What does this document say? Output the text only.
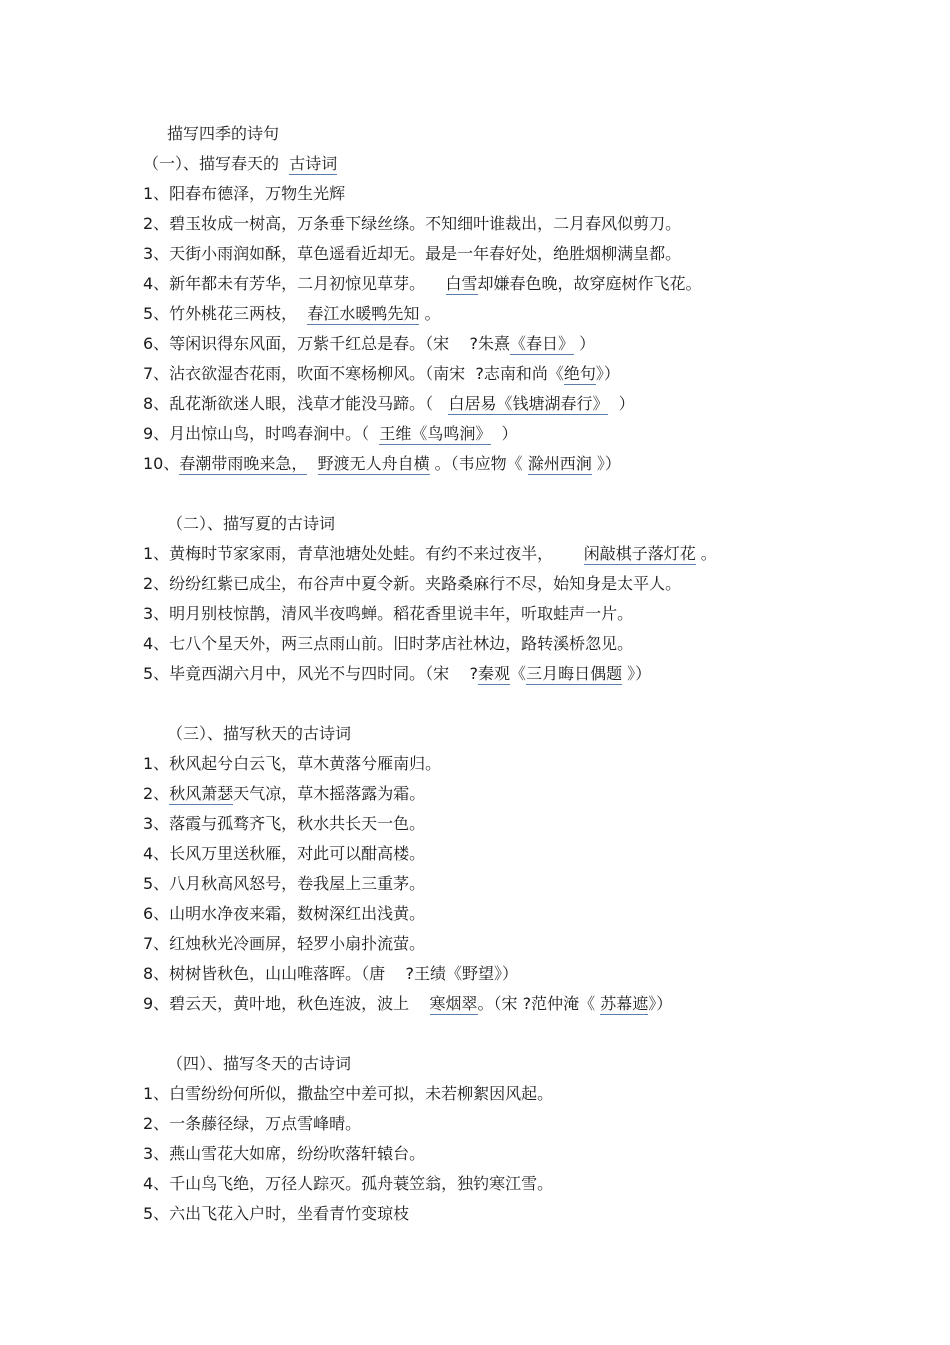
描写四季的诗句
（一）、描写春天的  古诗词
1、阳春布德泽，万物生光辉
2、碧玉妆成一树高，万条垂下绿丝绦。不知细叶谁裁出，二月春风似剪刀。
3、天街小雨润如酥，草色遥看近却无。最是一年春好处，绝胜烟柳满皇都。
4、新年都未有芳华，二月初惊见草芽。    白雪却嫌春色晚，故穿庭树作飞花。
5、竹外桃花三两枝，  春江水暖鸭先知 。
6、等闲识得东风面，万紫千红总是春。（宋    ?朱熹《春日》 ）
7、沾衣欲湿杏花雨，吹面不寒杨柳风。（南宋  ?志南和尚《绝句》）
8、乱花渐欲迷人眼，浅草才能没马蹄。（   白居易《钱塘湖春行》  ）
9、月出惊山鸟，时鸣春涧中。（  王维《鸟鸣涧》  ）
10、春潮带雨晚来急， 野渡无人舟自横 。（韦应物《 滁州西涧 》）
（二）、描写夏的古诗词
1、黄梅时节家家雨，青草池塘处处蛙。有约不来过夜半，      闲敲棋子落灯花 。
2、纷纷红紫已成尘，布谷声中夏令新。夹路桑麻行不尽，始知身是太平人。
3、明月别枝惊鹊，清风半夜鸣蝉。稻花香里说丰年，听取蛙声一片。
4、七八个星天外，两三点雨山前。旧时茅店社林边，路转溪桥忽见。
5、毕竟西湖六月中，风光不与四时同。（宋    ?秦观《三月晦日偶题 》）
（三）、描写秋天的古诗词
1、秋风起兮白云飞，草木黄落兮雁南归。
2、秋风萧瑟天气凉，草木摇落露为霜。
3、落霞与孤骛齐飞，秋水共长天一色。
4、长风万里送秋雁，对此可以酣高楼。
5、八月秋高风怒号，卷我屋上三重茅。
6、山明水净夜来霜，数树深红出浅黄。
7、红烛秋光冷画屏，轻罗小扇扑流萤。
8、树树皆秋色，山山唯落晖。（唐    ?王绩《野望》）
9、碧云天，黄叶地，秋色连波，波上    寒烟翠。（宋 ?范仲淹《 苏幕遮》）
（四）、描写冬天的古诗词
1、白雪纷纷何所似，撒盐空中差可拟，未若柳絮因风起。
2、一条藤径绿，万点雪峰晴。
3、燕山雪花大如席，纷纷吹落轩辕台。
4、千山鸟飞绝，万径人踪灭。孤舟蓑笠翁，独钓寒江雪。
5、六出飞花入户时，坐看青竹变琼枝
